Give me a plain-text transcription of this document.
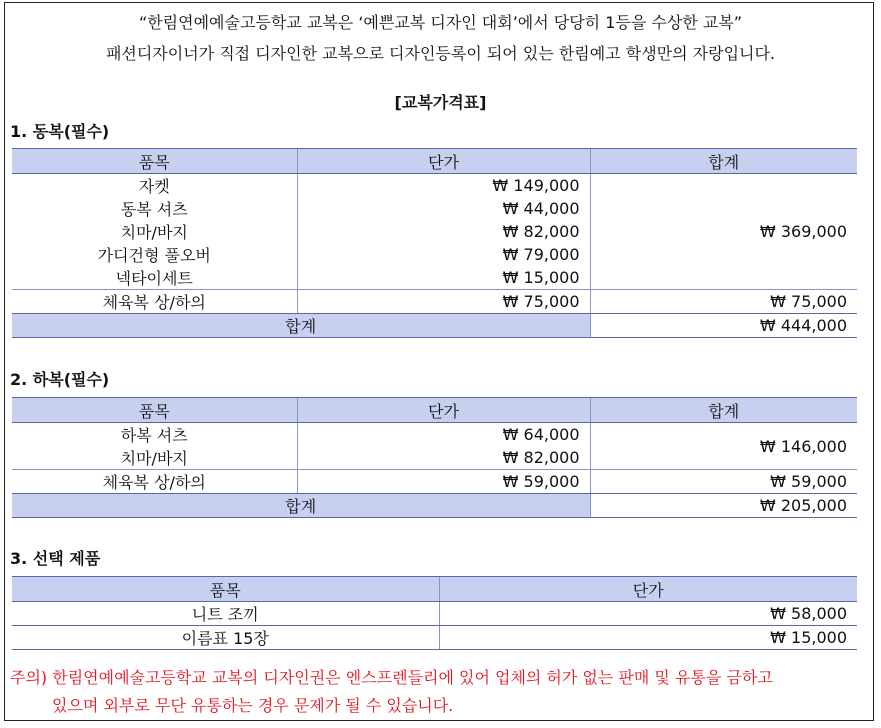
“한림연예예술고등학교 교복은 ‘예쁜교복 디자인 대회’에서 당당히 1등을 수상한 교복”
패션디자이너가 직접 디자인한 교복으로 디자인등록이 되어 있는 한림예고 학생만의 자랑입니다.
[교복가격표]
1. 동복(필수)
품목	단가	합계
자켓	₩ 149,000	₩ 369,000
동복 셔츠	₩ 44,000	
치마/바지	₩ 82,000	
가디건형 풀오버	₩ 79,000	
넥타이세트	₩ 15,000	
체육복 상/하의	₩ 75,000	₩ 75,000
합계		₩ 444,000
2. 하복(필수)
품목	단가	합계
하복 셔츠	₩ 64,000	₩ 146,000
치마/바지	₩ 82,000	
체육복 상/하의	₩ 59,000	₩ 59,000
합계		₩ 205,000
3. 선택 제품
품목	단가
니트 조끼	₩ 58,000
이름표 15장	₩ 15,000
주의) 한림연예예술고등학교 교복의 디자인권은 엔스프렌들리에 있어 업체의 허가 없는 판매 및 유통을 금하고
있으며 외부로 무단 유통하는 경우 문제가 될 수 있습니다.
